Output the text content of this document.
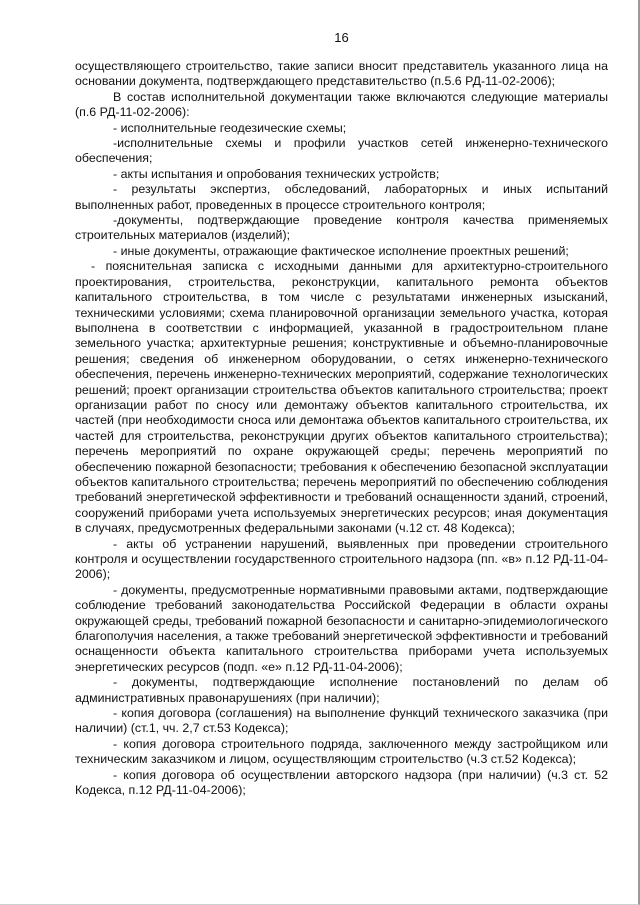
16

осуществляющего строительство, такие записи вносит представитель указанного лица на основании документа, подтверждающего представительство (п.5.6 РД-11-02-2006);

В состав исполнительной документации также включаются следующие материалы (п.6 РД-11-02-2006):

- исполнительные геодезические схемы;

-исполнительные схемы и профили участков сетей инженерно-технического обеспечения;

- акты испытания и опробования технических устройств;

- результаты экспертиз, обследований, лабораторных и иных испытаний выполненных работ, проведенных в процессе строительного контроля;

-документы, подтверждающие проведение контроля качества применяемых строительных материалов (изделий);

- иные документы, отражающие фактическое исполнение проектных решений;

- пояснительная записка с исходными данными для архитектурно-строительного проектирования, строительства, реконструкции, капитального ремонта объектов капитального строительства, в том числе с результатами инженерных изысканий, техническими условиями; схема планировочной организации земельного участка, которая выполнена в соответствии с информацией, указанной в градостроительном плане земельного участка; архитектурные решения; конструктивные и объемно-планировочные решения; сведения об инженерном оборудовании, о сетях инженерно-технического обеспечения, перечень инженерно-технических мероприятий, содержание технологических решений; проект организации строительства объектов капитального строительства; проект организации работ по сносу или демонтажу объектов капитального строительства, их частей (при необходимости сноса или демонтажа объектов капитального строительства, их частей для строительства, реконструкции других объектов капитального строительства); перечень мероприятий по охране окружающей среды; перечень мероприятий по обеспечению пожарной безопасности; требования к обеспечению безопасной эксплуатации объектов капитального строительства; перечень мероприятий по обеспечению соблюдения требований энергетической эффективности и требований оснащенности зданий, строений, сооружений приборами учета используемых энергетических ресурсов; иная документация в случаях, предусмотренных федеральными законами (ч.12 ст. 48 Кодекса);

- акты об устранении нарушений, выявленных при проведении строительного контроля и осуществлении государственного строительного надзора (пп. «в» п.12 РД-11-04-2006);

- документы, предусмотренные нормативными правовыми актами, подтверждающие соблюдение требований законодательства Российской Федерации в области охраны окружающей среды, требований пожарной безопасности и санитарно-эпидемиологического благополучия населения, а также требований энергетической эффективности и требований оснащенности объекта капитального строительства приборами учета используемых энергетических ресурсов (подп. «е» п.12 РД-11-04-2006);

- документы, подтверждающие исполнение постановлений по делам об административных правонарушениях (при наличии);

- копия договора (соглашения) на выполнение функций технического заказчика (при наличии) (ст.1, чч. 2,7 ст.53 Кодекса);

- копия договора строительного подряда, заключенного между застройщиком или техническим заказчиком и лицом, осуществляющим строительство (ч.3 ст.52 Кодекса);

- копия договора об осуществлении авторского надзора (при наличии) (ч.3 ст. 52 Кодекса, п.12 РД-11-04-2006);
